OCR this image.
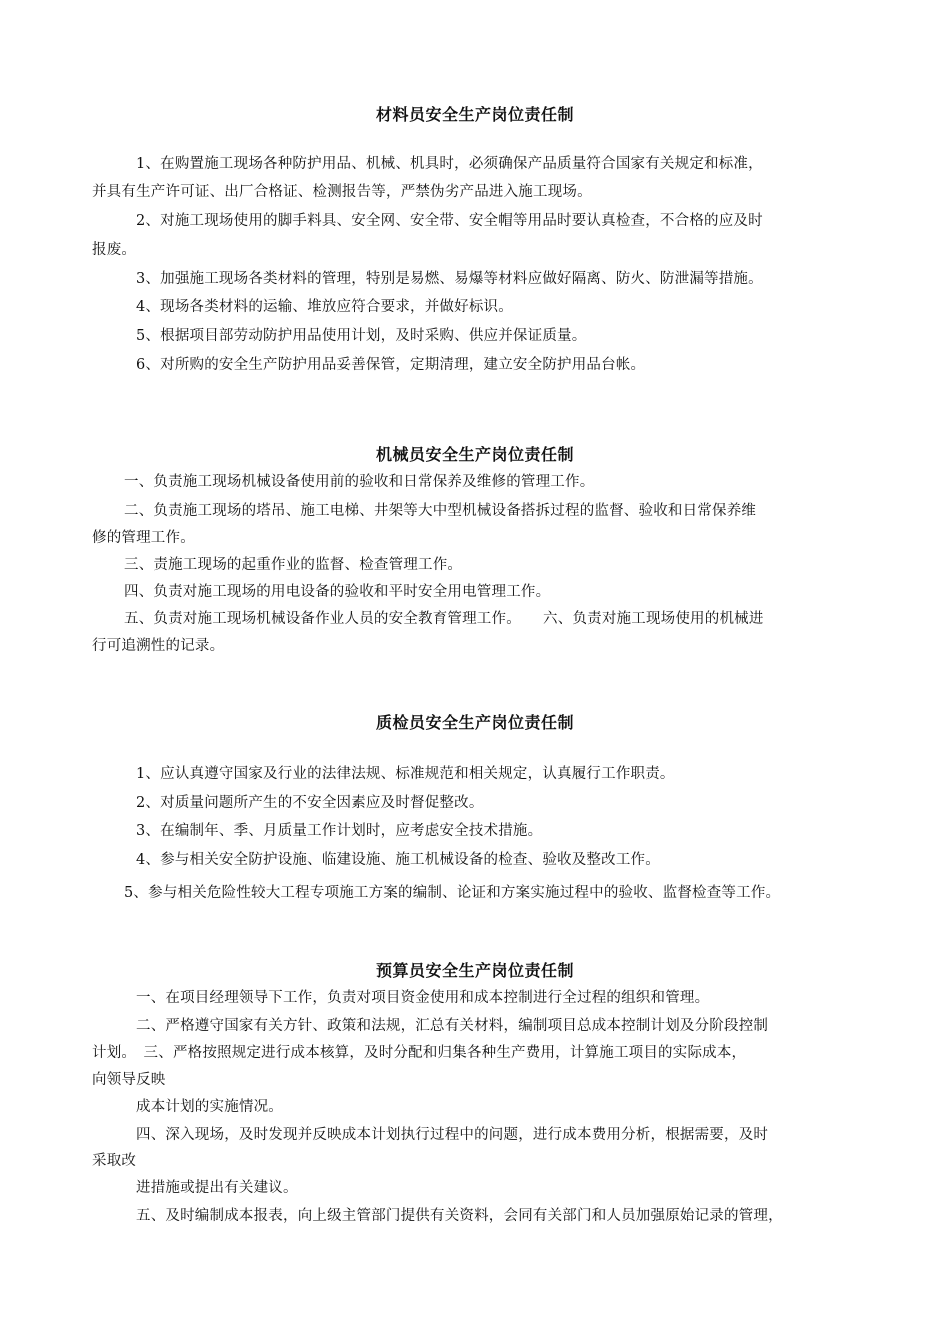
材料员安全生产岗位责任制
1、在购置施工现场各种防护用品、机械、机具时，必须确保产品质量符合国家有关规定和标准，
并具有生产许可证、出厂合格证、检测报告等，严禁伪劣产品进入施工现场。
2、对施工现场使用的脚手料具、安全网、安全带、安全帽等用品时要认真检查，不合格的应及时
报废。
3、加强施工现场各类材料的管理，特别是易燃、易爆等材料应做好隔离、防火、防泄漏等措施。
4、现场各类材料的运输、堆放应符合要求，并做好标识。
5、根据项目部劳动防护用品使用计划，及时采购、供应并保证质量。
6、对所购的安全生产防护用品妥善保管，定期清理，建立安全防护用品台帐。
机械员安全生产岗位责任制
一、负责施工现场机械设备使用前的验收和日常保养及维修的管理工作。
二、负责施工现场的塔吊、施工电梯、井架等大中型机械设备搭拆过程的监督、验收和日常保养维
修的管理工作。
三、责施工现场的起重作业的监督、检查管理工作。
四、负责对施工现场的用电设备的验收和平时安全用电管理工作。
五、负责对施工现场机械设备作业人员的安全教育管理工作。　　六、负责对施工现场使用的机械进
行可追溯性的记录。
质检员安全生产岗位责任制
1、应认真遵守国家及行业的法律法规、标准规范和相关规定，认真履行工作职责。
2、对质量问题所产生的不安全因素应及时督促整改。
3、在编制年、季、月质量工作计划时，应考虑安全技术措施。
4、参与相关安全防护设施、临建设施、施工机械设备的检查、验收及整改工作。
5、参与相关危险性较大工程专项施工方案的编制、论证和方案实施过程中的验收、监督检查等工作。
预算员安全生产岗位责任制
一、在项目经理领导下工作，负责对项目资金使用和成本控制进行全过程的组织和管理。
二、严格遵守国家有关方针、政策和法规，汇总有关材料，编制项目总成本控制计划及分阶段控制
计划。　三、严格按照规定进行成本核算，及时分配和归集各种生产费用，计算施工项目的实际成本，
向领导反映
成本计划的实施情况。
四、深入现场，及时发现并反映成本计划执行过程中的问题，进行成本费用分析，根据需要，及时
采取改
进措施或提出有关建议。
五、及时编制成本报表，向上级主管部门提供有关资料，会同有关部门和人员加强原始记录的管理，
